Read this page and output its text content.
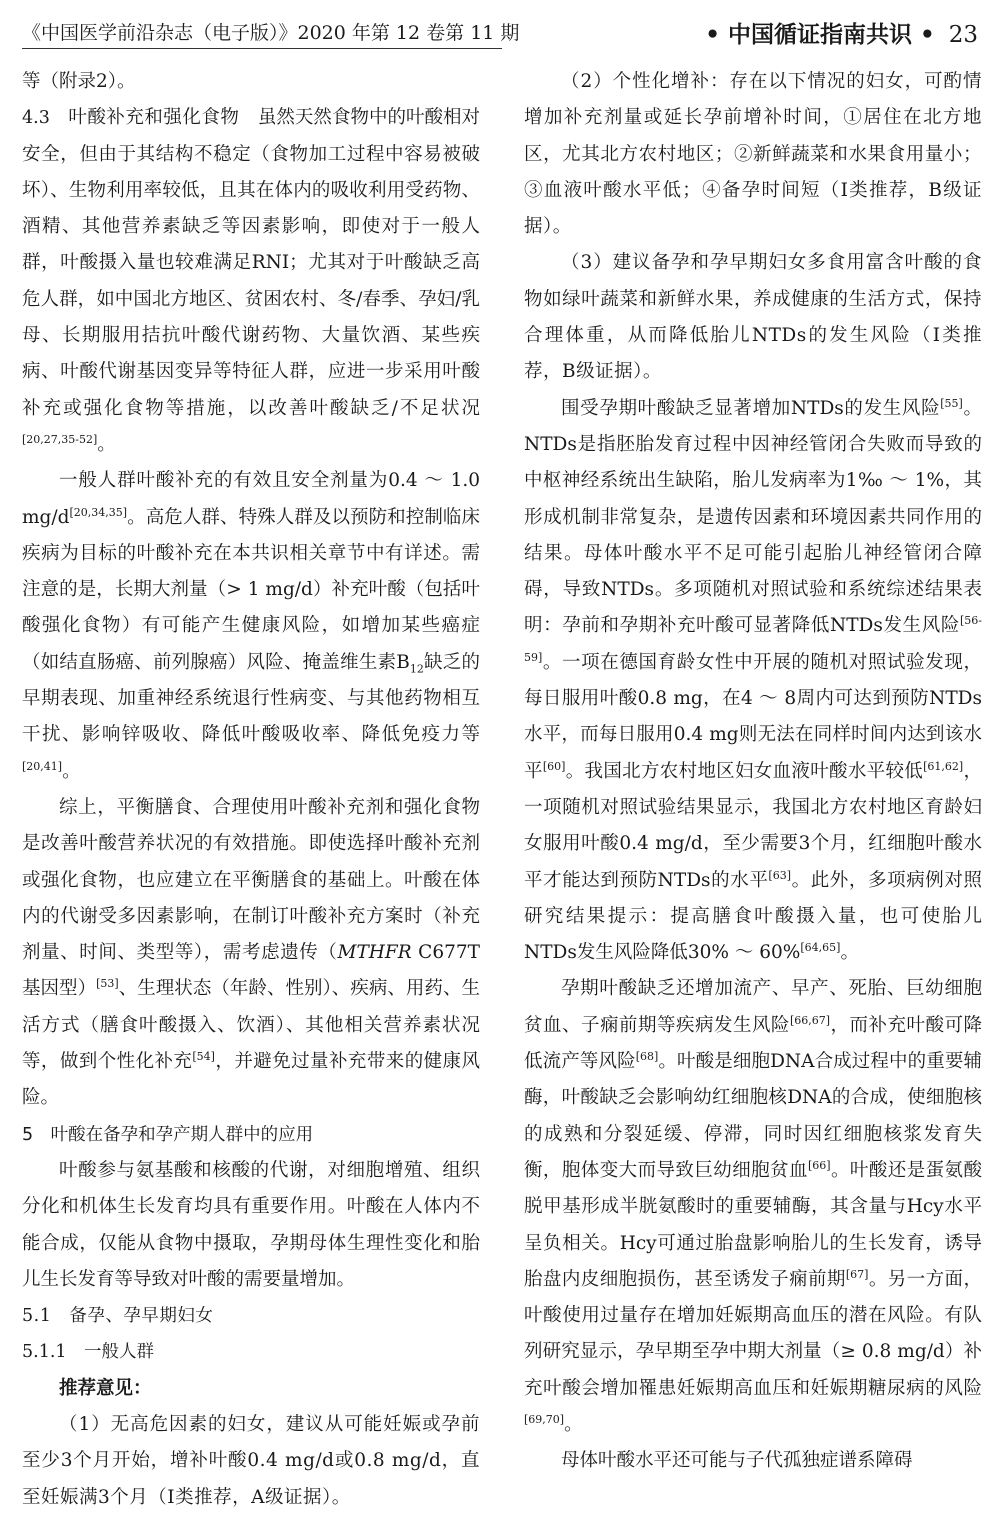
《中国医学前沿杂志（电子版）》2020 年第 12 卷第 11 期	• 中国循证指南共识 • 23

等（附录2）。

4.3　 叶酸补充和强化食物　 虽然天然食物中的叶酸相对安全，但由于其结构不稳定（食物加工过程中容易被破坏）、生物利用率较低，且其在体内的吸收利用受药物、酒精、其他营养素缺乏等因素影响，即使对于一般人群，叶酸摄入量也较难满足RNI；尤其对于叶酸缺乏高危人群，如中国北方地区、贫困农村、冬/春季、孕妇/乳母、长期服用拮抗叶酸代谢药物、大量饮酒、某些疾病、叶酸代谢基因变异等特征人群，应进一步采用叶酸补充或强化食物等措施，以改善叶酸缺乏/不足状况[20,27,35-52]。

一般人群叶酸补充的有效且安全剂量为0.4 ～ 1.0 mg/d[20,34,35]。高危人群、特殊人群及以预防和控制临床疾病为目标的叶酸补充在本共识相关章节中有详述。需注意的是，长期大剂量（> 1 mg/d）补充叶酸（包括叶酸强化食物）有可能产生健康风险，如增加某些癌症（如结直肠癌、前列腺癌）风险、掩盖维生素$B_{12}$缺乏的早期表现、加重神经系统退行性病变、与其他药物相互干扰、影响锌吸收、降低叶酸吸收率、降低免疫力等[20,41]。

综上，平衡膳食、合理使用叶酸补充剂和强化食物是改善叶酸营养状况的有效措施。即使选择叶酸补充剂或强化食物，也应建立在平衡膳食的基础上。叶酸在体内的代谢受多因素影响，在制订叶酸补充方案时（补充剂量、时间、类型等），需考虑遗传（MTHFR C677T基因型）[53]、生理状态（年龄、性别）、疾病、用药、生活方式（膳食叶酸摄入、饮酒）、其他相关营养素状况等，做到个性化补充[54]，并避免过量补充带来的健康风险。

5　叶酸在备孕和孕产期人群中的应用

叶酸参与氨基酸和核酸的代谢，对细胞增殖、组织分化和机体生长发育均具有重要作用。叶酸在人体内不能合成，仅能从食物中摄取，孕期母体生理性变化和胎儿生长发育等导致对叶酸的需要量增加。

5.1　备孕、孕早期妇女

5.1.1　一般人群

推荐意见：

（1）无高危因素的妇女，建议从可能妊娠或孕前至少3个月开始，增补叶酸0.4 mg/d或0.8 mg/d，直至妊娠满3个月（Ⅰ类推荐，A级证据）。

（2）个性化增补：存在以下情况的妇女，可酌情增加补充剂量或延长孕前增补时间，①居住在北方地区，尤其北方农村地区；②新鲜蔬菜和水果食用量小；③血液叶酸水平低；④备孕时间短（Ⅰ类推荐，B级证据）。

（3）建议备孕和孕早期妇女多食用富含叶酸的食物如绿叶蔬菜和新鲜水果，养成健康的生活方式，保持合理体重，从而降低胎儿NTDs的发生风险（Ⅰ类推荐，B级证据）。

围受孕期叶酸缺乏显著增加NTDs的发生风险[55]。NTDs是指胚胎发育过程中因神经管闭合失败而导致的中枢神经系统出生缺陷，胎儿发病率为1‰ ～ 1%，其形成机制非常复杂，是遗传因素和环境因素共同作用的结果。母体叶酸水平不足可能引起胎儿神经管闭合障碍，导致NTDs。多项随机对照试验和系统综述结果表明：孕前和孕期补充叶酸可显著降低NTDs发生风险[56-59]。一项在德国育龄女性中开展的随机对照试验发现，每日服用叶酸0.8 mg，在4 ～ 8周内可达到预防NTDs水平，而每日服用0.4 mg则无法在同样时间内达到该水平[60]。我国北方农村地区妇女血液叶酸水平较低[61,62]，一项随机对照试验结果显示，我国北方农村地区育龄妇女服用叶酸0.4 mg/d，至少需要3个月，红细胞叶酸水平才能达到预防NTDs的水平[63]。此外，多项病例对照研究结果提示：提高膳食叶酸摄入量，也可使胎儿NTDs发生风险降低30% ～ 60%[64,65]。

孕期叶酸缺乏还增加流产、早产、死胎、巨幼细胞贫血、子痫前期等疾病发生风险[66,67]，而补充叶酸可降低流产等风险[68]。叶酸是细胞DNA合成过程中的重要辅酶，叶酸缺乏会影响幼红细胞核DNA的合成，使细胞核的成熟和分裂延缓、停滞，同时因红细胞核浆发育失衡，胞体变大而导致巨幼细胞贫血[66]。叶酸还是蛋氨酸脱甲基形成半胱氨酸时的重要辅酶，其含量与Hcy水平呈负相关。Hcy可通过胎盘影响胎儿的生长发育，诱导胎盘内皮细胞损伤，甚至诱发子痫前期[67]。另一方面，叶酸使用过量存在增加妊娠期高血压的潜在风险。有队列研究显示，孕早期至孕中期大剂量（≥ 0.8 mg/d）补充叶酸会增加罹患妊娠期高血压和妊娠期糖尿病的风险[69,70]。

母体叶酸水平还可能与子代孤独症谱系障碍
